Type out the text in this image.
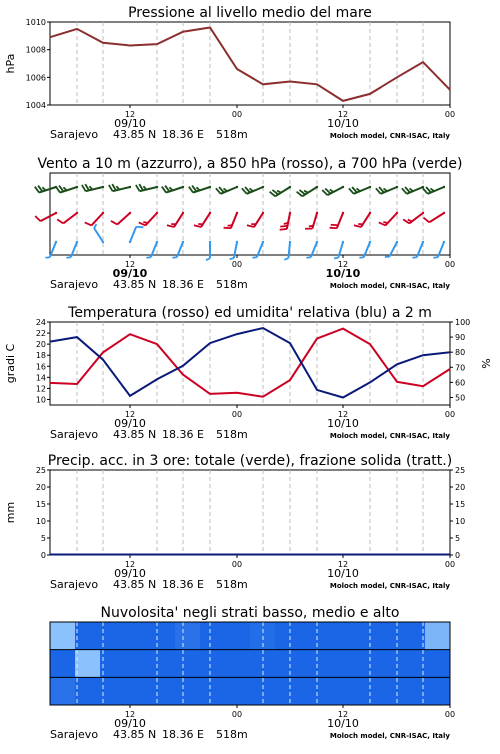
1004
1006
1008
1010
hPa
Pressione al livello medio del mare
12	00	12	00
09/10	10/10
Sarajevo 43.85 N 18.36 E 518m	Moloch model, CNR-ISAC, Italy
Vento a 10 m (azzurro), a 850 hPa (rosso), a 700 hPa (verde)
12	00	12	00
09/10	10/10
Sarajevo 43.85 N 18.36 E 518m	Moloch model, CNR-ISAC, Italy
10
12
14
16
18
20
22
24
50
60
70
80
90
100
gradi C	%
Temperatura (rosso) ed umidita' relativa (blu) a 2 m
12	00	12	00
09/10	10/10
Sarajevo 43.85 N 18.36 E 518m	Moloch model, CNR-ISAC, Italy
0
5
10
15
20
25
0
5
10
15
20
25
mm
Precip. acc. in 3 ore: totale (verde), frazione solida (tratt.)
12	00	12	00
09/10	10/10
Sarajevo 43.85 N 18.36 E 518m	Moloch model, CNR-ISAC, Italy
Nuvolosita' negli strati basso, medio e alto
12	00	12	00
09/10	10/10
Sarajevo 43.85 N 18.36 E 518m	Moloch model, CNR-ISAC, Italy
